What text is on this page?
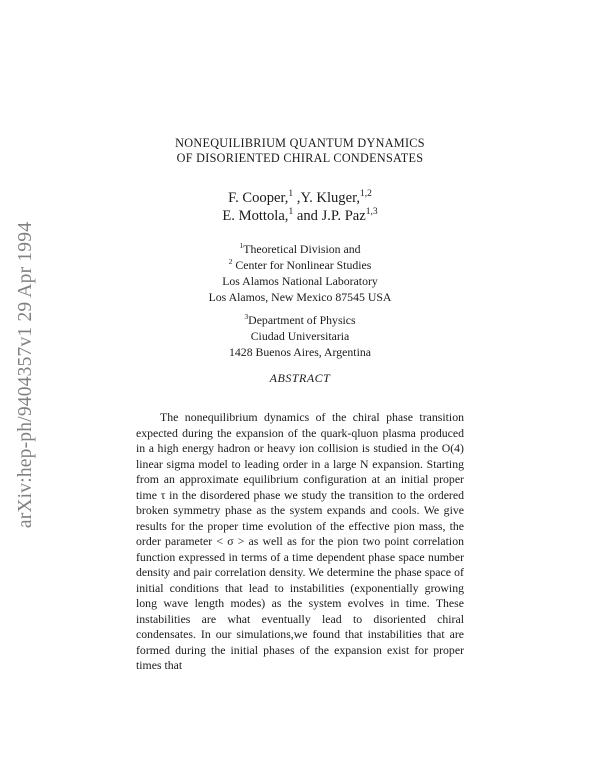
arXiv:hep-ph/9404357v1 29 Apr 1994
NONEQUILIBRIUM QUANTUM DYNAMICS
OF DISORIENTED CHIRAL CONDENSATES
F. Cooper,$^1$ ,Y. Kluger,$^{1,2}$
E. Mottola,$^1$ and J.P. Paz$^{1,3}$
$^1$Theoretical Division and
$^2$ Center for Nonlinear Studies
Los Alamos National Laboratory
Los Alamos, New Mexico 87545 USA
$^3$Department of Physics
Ciudad Universitaria
1428 Buenos Aires, Argentina
ABSTRACT

The nonequilibrium dynamics of the chiral phase transition expected during the expansion of the quark-qluon plasma produced in a high energy hadron or heavy ion collision is studied in the O(4) linear sigma model to leading order in a large N expansion. Starting from an approximate equilibrium configuration at an initial proper time τ in the disordered phase we study the transition to the ordered broken symmetry phase as the system expands and cools. We give results for the proper time evolution of the effective pion mass, the order parameter < σ > as well as for the pion two point correlation function expressed in terms of a time dependent phase space number density and pair correlation density. We determine the phase space of initial conditions that lead to instabilities (exponentially growing long wave length modes) as the system evolves in time. These instabilities are what eventually lead to disoriented chiral condensates. In our simulations,we found that instabilities that are formed during the initial phases of the expansion exist for proper times that
